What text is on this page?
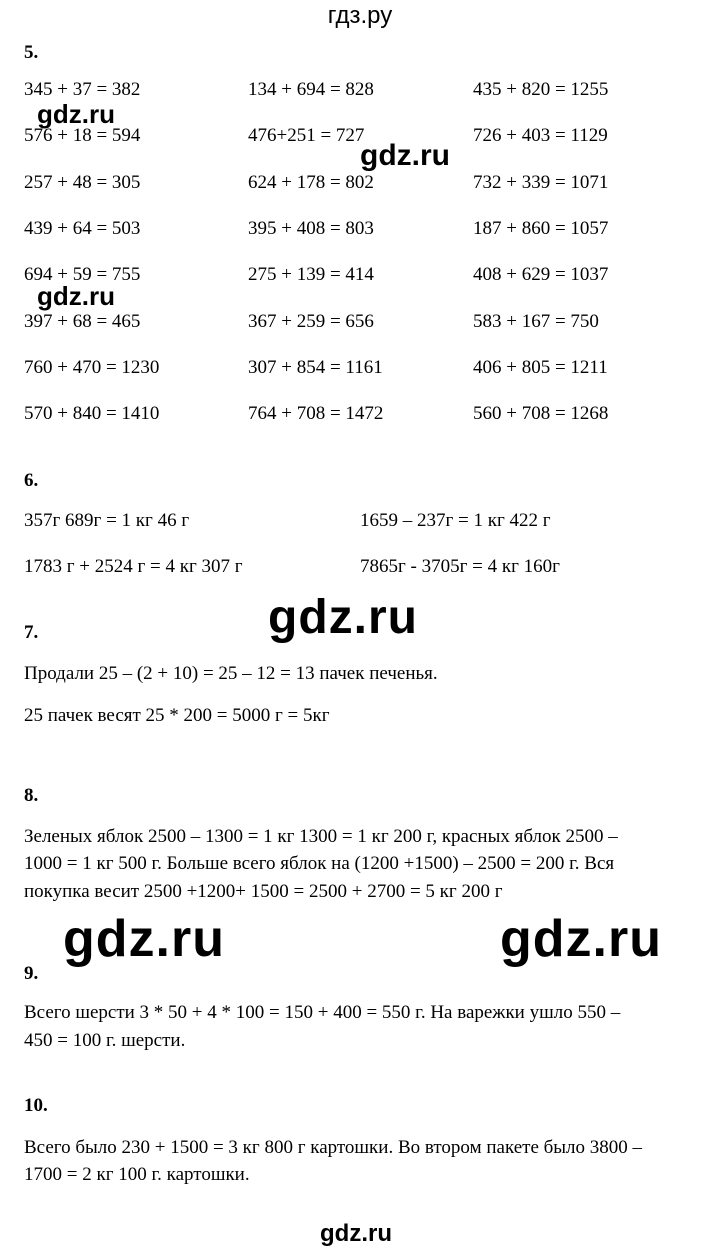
гдз.ру
5.
345 + 37 = 382	134 + 694 = 828	435 + 820 = 1255
576 + 18 = 594	476+251 = 727	726 + 403 = 1129
257 + 48 = 305	624 + 178 = 802	732 + 339 = 1071
439 + 64 = 503	395 + 408 = 803	187 + 860 = 1057
694 + 59 = 755	275 + 139 = 414	408 + 629 = 1037
397 + 68 = 465	367 + 259 = 656	583 + 167 = 750
760 + 470 = 1230	307 + 854 = 1161	406 + 805 = 1211
570 + 840 = 1410	764 + 708 = 1472	560 + 708 = 1268
6.
357г 689г = 1 кг 46 г	1659 – 237г = 1 кг 422 г
1783 г + 2524 г = 4 кг 307 г	7865г - 3705г = 4 кг 160г
7.
Продали 25 – (2 + 10) = 25 – 12 = 13 пачек печенья.
25 пачек весят 25 * 200 = 5000 г = 5кг
8.
Зеленых яблок 2500 – 1300 = 1 кг 1300 = 1 кг 200 г, красных яблок 2500 –
1000 = 1 кг 500 г. Больше всего яблок на (1200 +1500) – 2500 = 200 г. Вся
покупка весит 2500 +1200+ 1500 = 2500 + 2700 = 5 кг 200 г
9.
Всего шерсти 3 * 50 + 4 * 100 = 150 + 400 = 550 г. На варежки ушло 550 –
450 = 100 г. шерсти.
10.
Всего было 230 + 1500 = 3 кг 800 г картошки. Во втором пакете было 3800 –
1700 = 2 кг 100 г. картошки.
gdz.ru
gdz.ru
gdz.ru
gdz.ru
gdz.ru	gdz.ru
gdz.ru
